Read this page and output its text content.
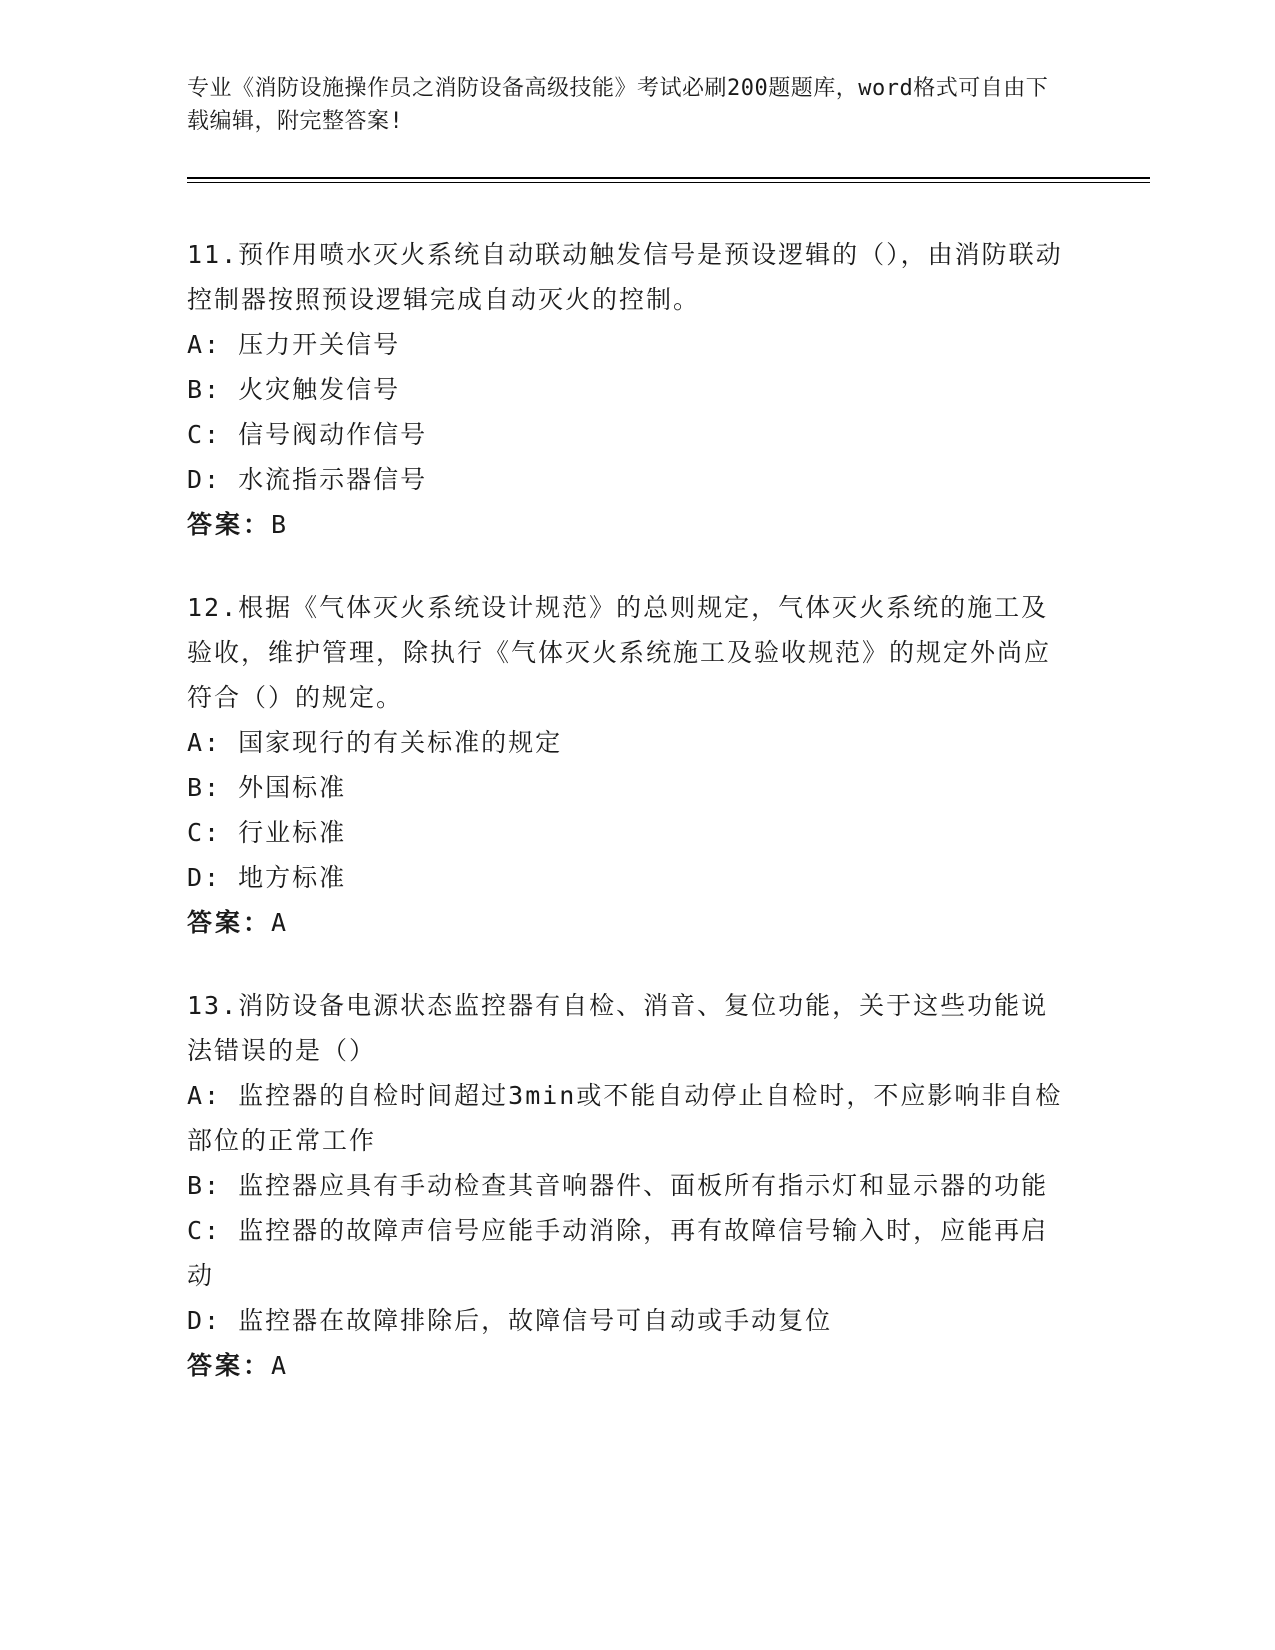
专业《消防设施操作员之消防设备高级技能》考试必刷200题题库，word格式可自由下载编辑，附完整答案!
11.预作用喷水灭火系统自动联动触发信号是预设逻辑的（），由消防联动控制器按照预设逻辑完成自动灭火的控制。
A: 压力开关信号
B: 火灾触发信号
C: 信号阀动作信号
D: 水流指示器信号
答案：B
12.根据《气体灭火系统设计规范》的总则规定，气体灭火系统的施工及验收，维护管理，除执行《气体灭火系统施工及验收规范》的规定外尚应符合（）的规定。
A: 国家现行的有关标准的规定
B: 外国标准
C: 行业标准
D: 地方标准
答案：A
13.消防设备电源状态监控器有自检、消音、复位功能，关于这些功能说法错误的是（）
A: 监控器的自检时间超过3min或不能自动停止自检时，不应影响非自检部位的正常工作
B: 监控器应具有手动检查其音响器件、面板所有指示灯和显示器的功能
C: 监控器的故障声信号应能手动消除，再有故障信号输入时，应能再启动
D: 监控器在故障排除后，故障信号可自动或手动复位
答案：A
